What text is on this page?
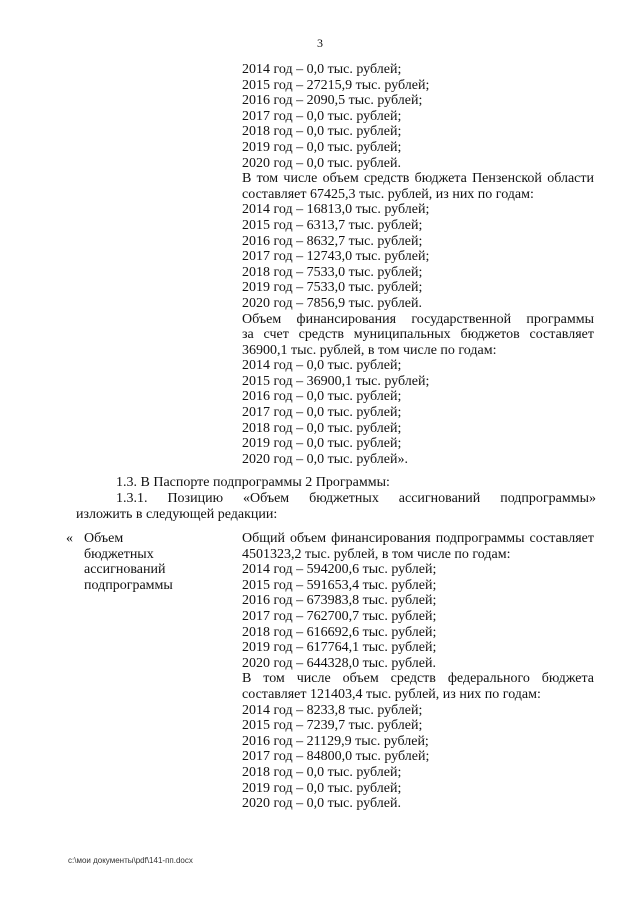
3
2014 год – 0,0 тыс. рублей;
2015 год – 27215,9 тыс. рублей;
2016 год – 2090,5 тыс. рублей;
2017 год – 0,0 тыс. рублей;
2018 год – 0,0 тыс. рублей;
2019 год – 0,0 тыс. рублей;
2020 год – 0,0 тыс. рублей.
В том числе объем средств бюджета Пензенской области
составляет 67425,3 тыс. рублей, из них по годам:
2014 год – 16813,0 тыс. рублей;
2015 год – 6313,7 тыс. рублей;
2016 год – 8632,7 тыс. рублей;
2017 год – 12743,0 тыс. рублей;
2018 год – 7533,0 тыс. рублей;
2019 год – 7533,0 тыс. рублей;
2020 год – 7856,9 тыс. рублей.
Объем финансирования государственной программы
за счет средств муниципальных бюджетов составляет
36900,1 тыс. рублей, в том числе по годам:
2014 год – 0,0 тыс. рублей;
2015 год – 36900,1 тыс. рублей;
2016 год – 0,0 тыс. рублей;
2017 год – 0,0 тыс. рублей;
2018 год – 0,0 тыс. рублей;
2019 год – 0,0 тыс. рублей;
2020 год – 0,0 тыс. рублей».
1.3. В Паспорте подпрограммы 2 Программы:
1.3.1. Позицию «Объем бюджетных ассигнований подпрограммы»
изложить в следующей редакции:
« Объем
бюджетных
ассигнований
подпрограммы
Общий объем финансирования подпрограммы составляет
4501323,2 тыс. рублей, в том числе по годам:
2014 год – 594200,6 тыс. рублей;
2015 год – 591653,4 тыс. рублей;
2016 год – 673983,8 тыс. рублей;
2017 год – 762700,7 тыс. рублей;
2018 год – 616692,6 тыс. рублей;
2019 год – 617764,1 тыс. рублей;
2020 год – 644328,0 тыс. рублей.
В том числе объем средств федерального бюджета
составляет 121403,4 тыс. рублей, из них по годам:
2014 год – 8233,8 тыс. рублей;
2015 год – 7239,7 тыс. рублей;
2016 год – 21129,9 тыс. рублей;
2017 год – 84800,0 тыс. рублей;
2018 год – 0,0 тыс. рублей;
2019 год – 0,0 тыс. рублей;
2020 год – 0,0 тыс. рублей.
c:\мои документы\pdf\141-пп.docx
